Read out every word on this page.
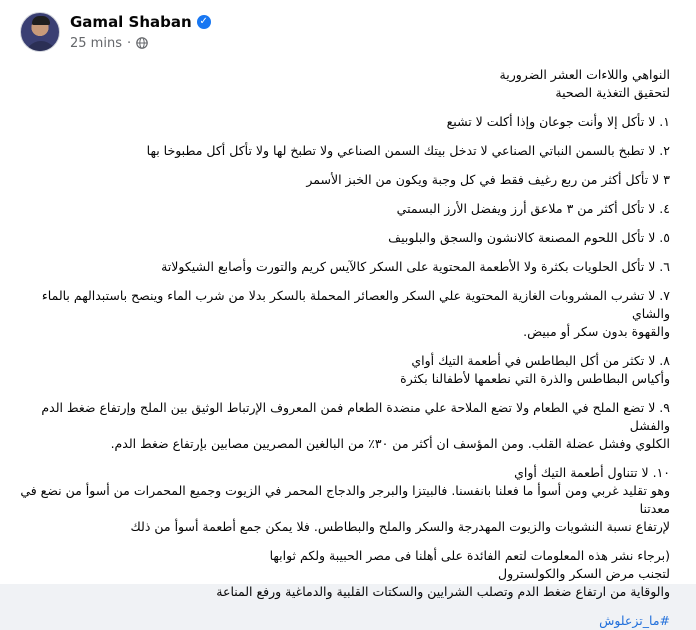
Gamal Shaban ✓
25 mins ·

النواهي واللاءات العشر الضرورية

لتحقيق التغذية الصحية

١. لا تأكل إلا وأنت جوعان وإذا أكلت لا تشبع

٢. لا تطبخ بالسمن النباتي الصناعي لا تدخل بيتك السمن الصناعي ولا تطبخ لها ولا تأكل أكل مطبوخا بها

٣ لا تأكل أكثر من ربع رغيف فقط في كل وجبة ويكون من الخبز الأسمر

٤. لا تأكل أكثر من ٣ ملاعق أرز ويفضل الأرز البسمتي

٥. لا تأكل اللحوم المصنعة كالانشون والسجق والبلوبيف

٦. لا تأكل الحلويات بكثرة ولا الأطعمة المحتوية على السكر كالآيس كريم والتورت وأصابع الشيكولاتة

٧. لا تشرب المشروبات الغازية المحتوية علي السكر والعصائر المحملة بالسكر بدلا من شرب الماء وينصح باستبدالهم بالماء والشاي

والقهوة بدون سكر أو مبيض.

٨. لا تكثر من أكل البطاطس في أطعمة التيك أواي

وأكياس البطاطس والذرة التي نطعمها لأطفالنا بكثرة

٩. لا تضع الملح في الطعام ولا تضع الملاحة علي منضدة الطعام فمن المعروف الإرتباط الوثيق بين الملح وإرتفاع ضغط الدم والفشل

الكلوي وفشل عضلة القلب. ومن المؤسف ان أكثر من ٣٠٪ من البالغين المصريين مصابين بإرتفاع ضغط الدم.

١٠. لا تتناول أطعمة التيك أواي

وهو تقليد غربي ومن أسوأ ما فعلنا بانفسنا. فالبيتزا والبرجر والدجاج المحمر في الزيوت وجميع المحمرات من أسوأ من نضع في معدتنا

لإرتفاع نسبة النشويات والزيوت المهدرجة والسكر والملح والبطاطس. فلا يمكن جمع أطعمة أسوأ من ذلك

(برجاء نشر هذه المعلومات لتعم الفائدة على أهلنا فى مصر الحبيبة ولكم ثوابها

لتجنب مرض السكر والكولسترول

والوقاية من ارتفاع ضغط الدم وتصلب الشرايين والسكتات القلبية والدماغية ورفع المناعة

#ما_تزعلوش
